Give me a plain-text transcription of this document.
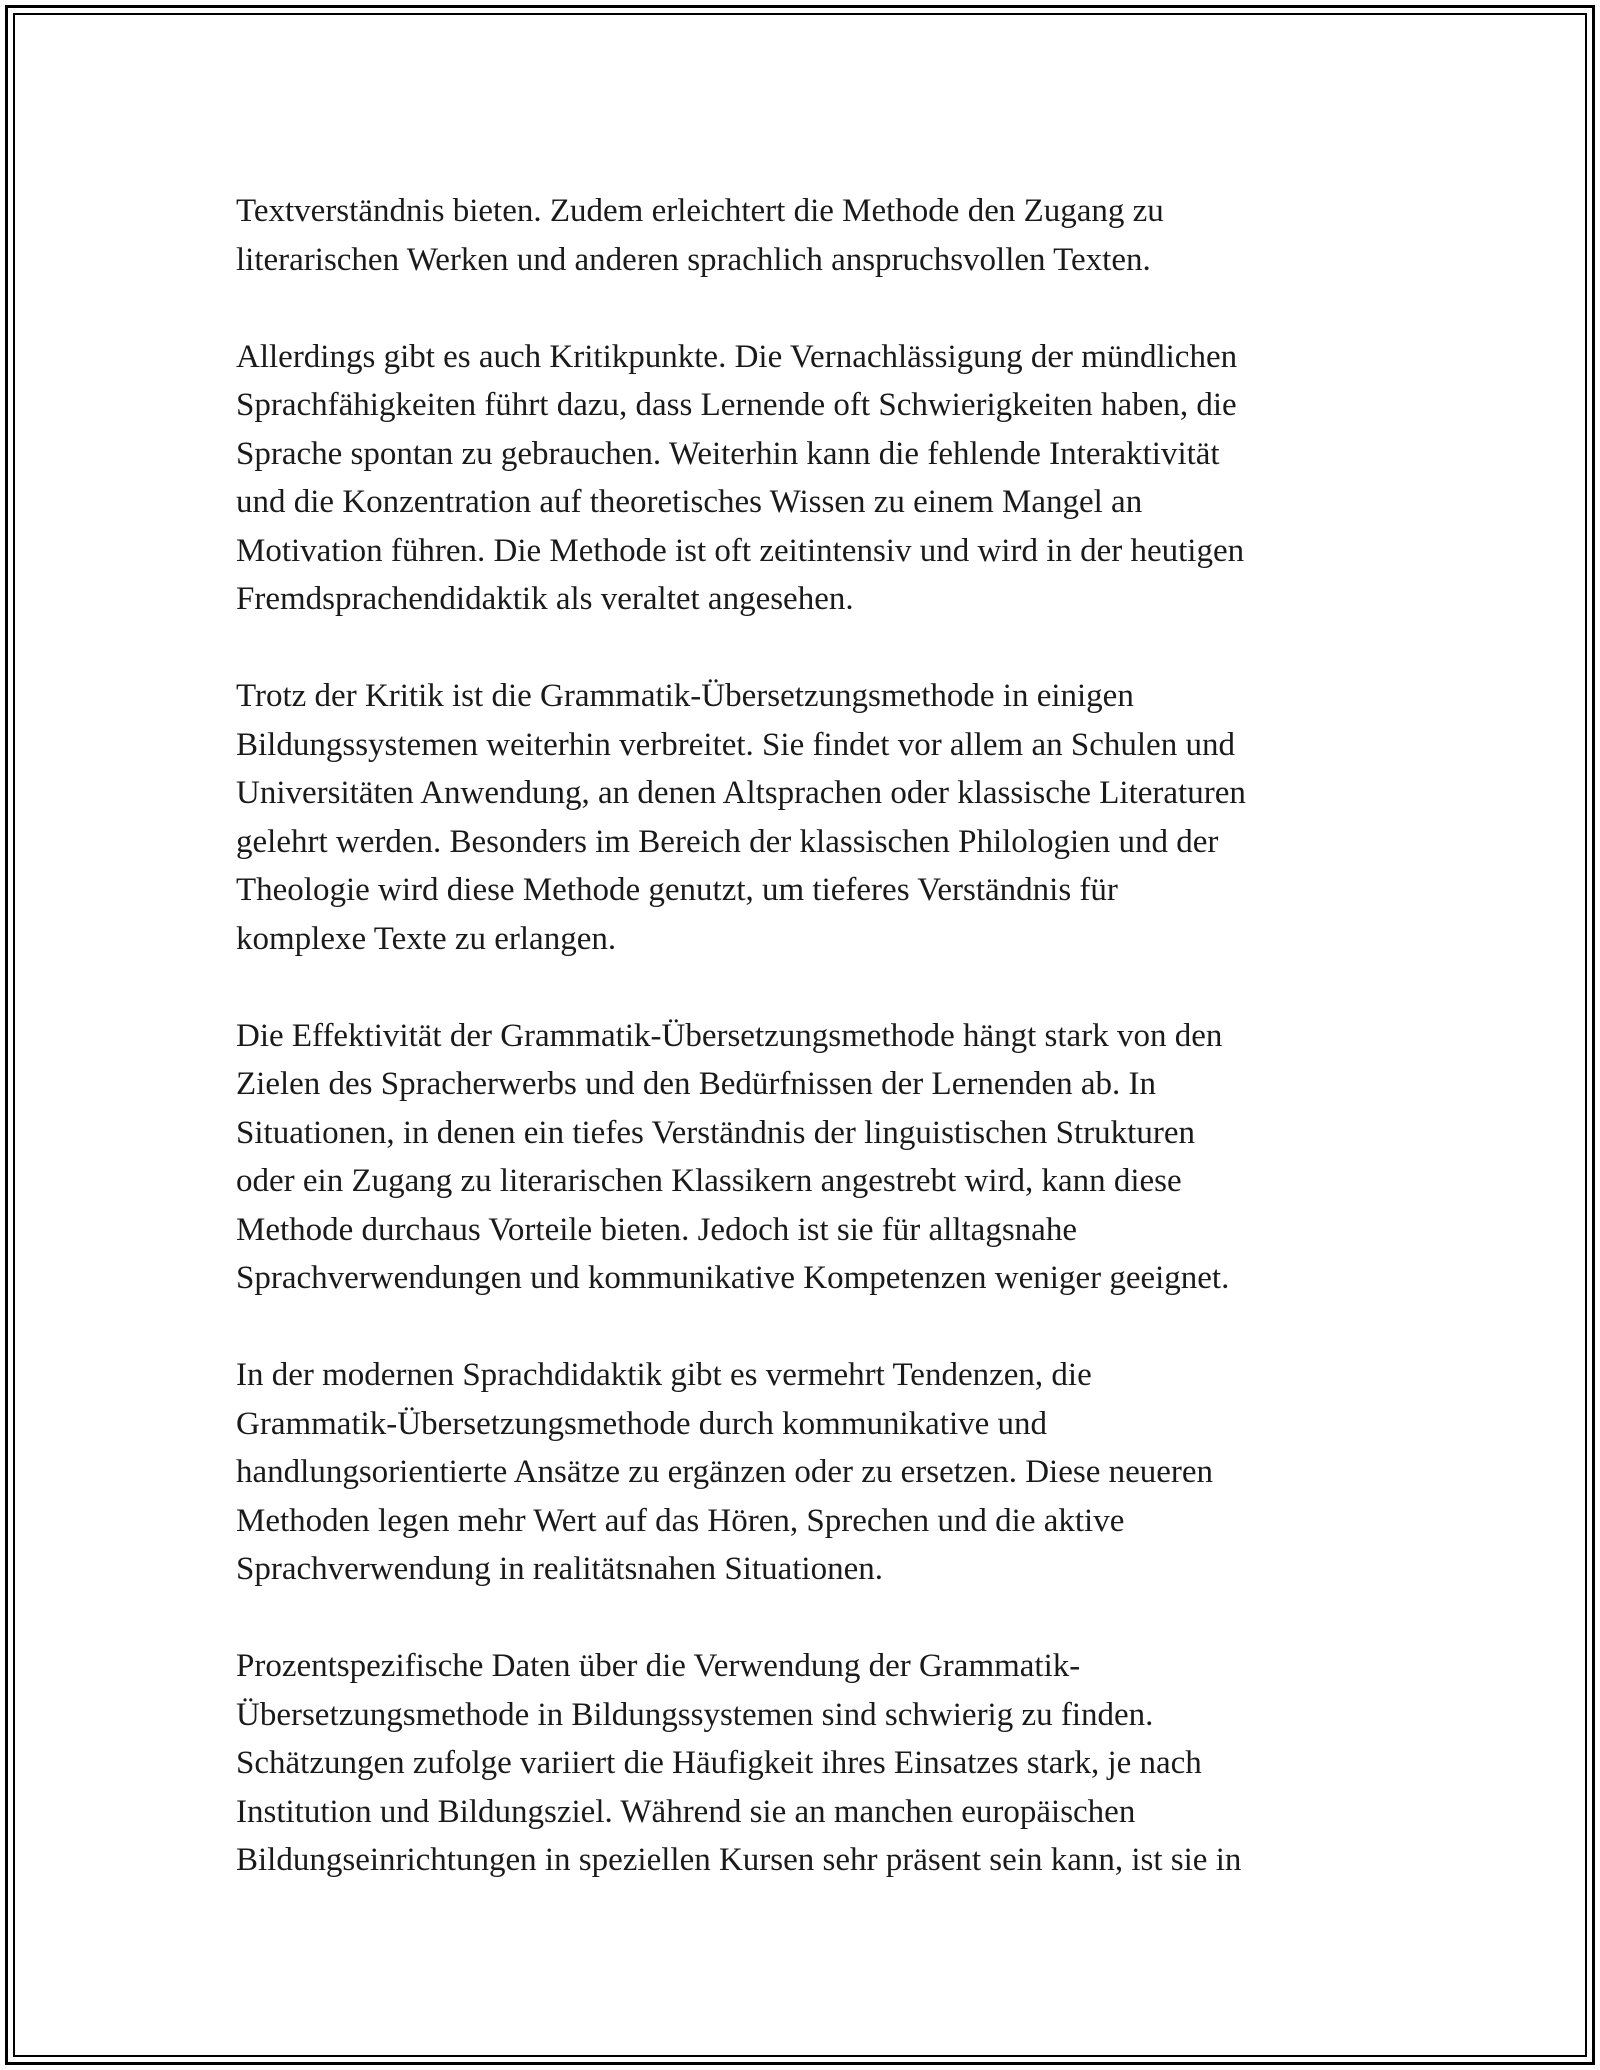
Textverständnis bieten. Zudem erleichtert die Methode den Zugang zu
literarischen Werken und anderen sprachlich anspruchsvollen Texten.

Allerdings gibt es auch Kritikpunkte. Die Vernachlässigung der mündlichen
Sprachfähigkeiten führt dazu, dass Lernende oft Schwierigkeiten haben, die
Sprache spontan zu gebrauchen. Weiterhin kann die fehlende Interaktivität
und die Konzentration auf theoretisches Wissen zu einem Mangel an
Motivation führen. Die Methode ist oft zeitintensiv und wird in der heutigen
Fremdsprachendidaktik als veraltet angesehen.

Trotz der Kritik ist die Grammatik-Übersetzungsmethode in einigen
Bildungssystemen weiterhin verbreitet. Sie findet vor allem an Schulen und
Universitäten Anwendung, an denen Altsprachen oder klassische Literaturen
gelehrt werden. Besonders im Bereich der klassischen Philologien und der
Theologie wird diese Methode genutzt, um tieferes Verständnis für
komplexe Texte zu erlangen.

Die Effektivität der Grammatik-Übersetzungsmethode hängt stark von den
Zielen des Spracherwerbs und den Bedürfnissen der Lernenden ab. In
Situationen, in denen ein tiefes Verständnis der linguistischen Strukturen
oder ein Zugang zu literarischen Klassikern angestrebt wird, kann diese
Methode durchaus Vorteile bieten. Jedoch ist sie für alltagsnahe
Sprachverwendungen und kommunikative Kompetenzen weniger geeignet.

In der modernen Sprachdidaktik gibt es vermehrt Tendenzen, die
Grammatik-Übersetzungsmethode durch kommunikative und
handlungsorientierte Ansätze zu ergänzen oder zu ersetzen. Diese neueren
Methoden legen mehr Wert auf das Hören, Sprechen und die aktive
Sprachverwendung in realitätsnahen Situationen.

Prozentspezifische Daten über die Verwendung der Grammatik-
Übersetzungsmethode in Bildungssystemen sind schwierig zu finden.
Schätzungen zufolge variiert die Häufigkeit ihres Einsatzes stark, je nach
Institution und Bildungsziel. Während sie an manchen europäischen
Bildungseinrichtungen in speziellen Kursen sehr präsent sein kann, ist sie in
